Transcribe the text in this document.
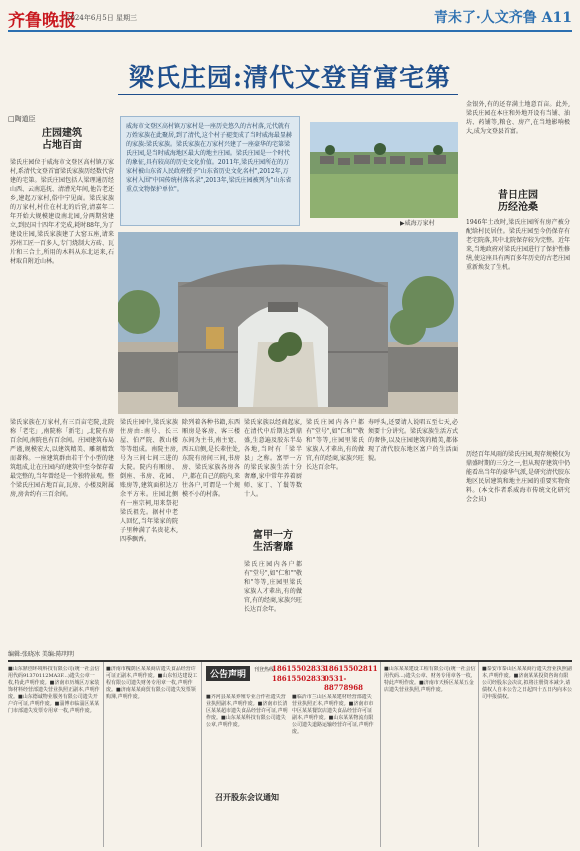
齐鲁晚报
2024年6月5日 星期三	青未了·人文齐鲁 A11
梁氏庄园:清代文登首富宅第
□陶道臣
威海市文登区高村镇万家村是一座历史悠久的古村落,元代就有万姓家族在此聚居,到了清代,这个村子褪变成了当时威海最显赫的家族:梁氏家族。梁氏家族在万家村兴建了一座豪华的宅第梁氏庄园,是当时威海地区最大的地主庄园。梁氏庄园是一个时代的象征,具有较高的历史文化价值。2011年,梁氏庄园所在的万家村被山东省人民政府授予"山东省历史文化名村",2012年,万家村入围"中国传统村落名录",2013年,梁氏庄园被列为"山东省重点文物保护单位"。
▶威海万家村
庄园建筑
占地百亩
梁氏庄园位于威海市文登区高村镇万家村,系清代文登首富梁氏家族历经数代营建的宅第。梁氏庄园包括人梁理通历经山西、云南巡抚、清漕光年间,他告老还乡,建起万家村,俗中宁见面。梁氏家族的万家村,村仕在村北的后营,清嘉年二年开始大规模建设南北园,分两期营建立,到民国十四年才完成,耗时88年,为了建设庄园,梁氏家族建了大窑五座,请来苏州工匠一百多人,专门烧制大方砖、瓦片和三合土,所用的木料从东北运来,石材取自附近山林。
梁氏家族在万家村,有三百亩宅院,北院称「老宅」,南院称「新宅」,北院有房百余间,南院也有百余间。庄园建筑布局严谨,规模宏大,以建筑精美、雕刻精致而著称。一座建筑群由若干个小型的建筑组成,让在庄园内的建筑中至今保存着最完整的,当年曾经是一个独特景观。整个梁氏庄园占地百亩,瓦房、小楼及附属房,房舍约有三百余间。
梁氏庄园中,梁氏家族住房由:南号、长三屋、伯严院、教山楼等等组成。南院主房,号为三间七间三进的大院。院内有厢房、倒座、书房、花园、账房等,建筑面积达万余平方米。庄园北侧有一座宗祠,用来祭祀梁氏祖先。据村中老人回忆,当年梁家的院子里种满了名贵花木,四季飘香。
除列着各种书籍,东西厢房是客房、客三楼东间为主书,南主宽、西五启侧,是长辈住处,东院有房间三间,书房房、梁氏家族各房各户,都在自己的院内,来往各户,可谓是一个规模不小的村落。
梁氏家族以经商起家,在清代中后期达到鼎盛,生意遍及胶东半岛各地,当时有「梁半县」之称。富甲一方的梁氏家族生活十分奢靡,家中常年养着厨师、家丁、丫鬟等数十人。
富甲一方
生活奢靡
梁氏庄园内各户都有"堂号",如"仁和""敬和"等等,庄园里梁氏家族人才辈出,有的做官,有的经商,家族兴旺长达百余年。
梁氏庄园内各户都有"堂号",如"仁和""敬和"等等,庄园里梁氏家族人才辈出,有的做官,有的经商,家族兴旺长达百余年。
寿呼头,还要请人说唱五至七天,必须要十分讲究。梁氏家族生活方式的奢侈,以及庄园建筑的精美,都体现了清代胶东地区富户的生活面貌。
金银外,有的还存满土地意百亩。此外,梁氏庄园在本庄和外地开设有当铺、油坊、药铺等,粮仓、房产,在当地影响极大,成为文登县首富。
昔日庄园
历经沧桑
1946年土改时,梁氏庄园所有房产被分配给村民居住。梁氏庄园至今仍保存有老宅院落,其中北院保存较为完整。近年来,当地政府对梁氏庄园进行了保护性修缮,使这座具有两百多年历史的古老庄园重新焕发了生机。
历经百年风雨的梁氏庄园,现存规模仅为鼎盛时期的三分之一,但从现存建筑中仍能看出当年的豪华气派,是研究清代胶东地区民居建筑和地主庄园的重要实物资料。(本文作者系威海市传统文化研究会会员)
编辑:张晓冰 美编:陈明明
■山东鼎创环境科技有限公司(统一社会信用代码91370112MA3F...)遗失公章一枚,特此声明作废。■济南市历城区万家装饰材料经营部遗失营业执照正副本,声明作废。■山东德诚物业服务有限公司遗失开户许可证,声明作废。■淄博市临淄区某某门市部遗失发票专用章一枚,声明作废。
■济南市槐荫区某某商店遗失食品经营许可证正副本,声明作废。■山东恒达建设工程有限公司遗失财务专用章一枚,声明作废。■济南某某商贸有限公司遗失发票领购簿,声明作废。
公告声明	刊登热线
18615502833
18615502811
18615502833
0531-88778968
■齐河县某某养殖专业合作社遗失营业执照副本,声明作废。■济南市长清区某某超市遗失食品经营许可证,声明作废。■山东某某科技有限公司遗失公章,声明作废。
召开股东会议通知
■临沂市兰山区某某建材经营部遗失营业执照正本,声明作废。■济南市市中区某某餐饮店遗失食品经营许可证副本,声明作废。■山东某某物流有限公司遗失道路运输经营许可证,声明作废。
■山东某某建设工程有限公司(统一社会信用代码...)遗失公章、财务专用章各一枚,特此声明作废。■济南市天桥区某某五金店遗失营业执照,声明作废。
■泰安市泰山区某某商行遗失营业执照副本,声明作废。■济南某某投资咨询有限公司经股东会决议,拟将注册资本减少,请债权人自本公告之日起四十五日内向本公司申报债权。
